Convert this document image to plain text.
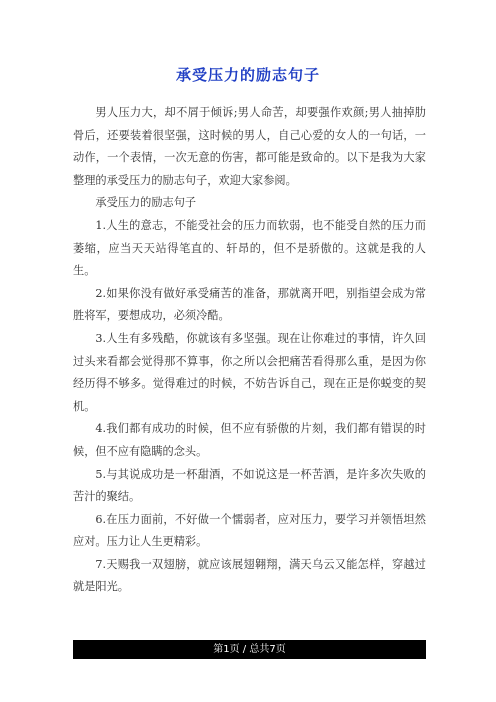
承受压力的励志句子

男人压力大，却不屑于倾诉;男人命苦，却要强作欢颜;男人抽掉肋骨后，还要装着很坚强，这时候的男人，自己心爱的女人的一句话，一动作，一个表情，一次无意的伤害，都可能是致命的。以下是我为大家整理的承受压力的励志句子，欢迎大家参阅。

承受压力的励志句子

1.人生的意志，不能受社会的压力而软弱，也不能受自然的压力而萎缩，应当天天站得笔直的、轩昂的，但不是骄傲的。这就是我的人生。

2.如果你没有做好承受痛苦的准备，那就离开吧，别指望会成为常胜将军，要想成功，必须冷酷。

3.人生有多残酷，你就该有多坚强。现在让你难过的事情，许久回过头来看都会觉得那不算事，你之所以会把痛苦看得那么重，是因为你经历得不够多。觉得难过的时候，不妨告诉自己，现在正是你蜕变的契机。

4.我们都有成功的时候，但不应有骄傲的片刻，我们都有错误的时候，但不应有隐瞒的念头。

5.与其说成功是一杯甜酒，不如说这是一杯苦酒，是许多次失败的苦汁的聚结。

6.在压力面前，不好做一个懦弱者，应对压力，要学习并领悟坦然应对。压力让人生更精彩。

7.天赐我一双翅膀，就应该展翅翱翔，满天乌云又能怎样，穿越过就是阳光。

第1页 / 总共7页
